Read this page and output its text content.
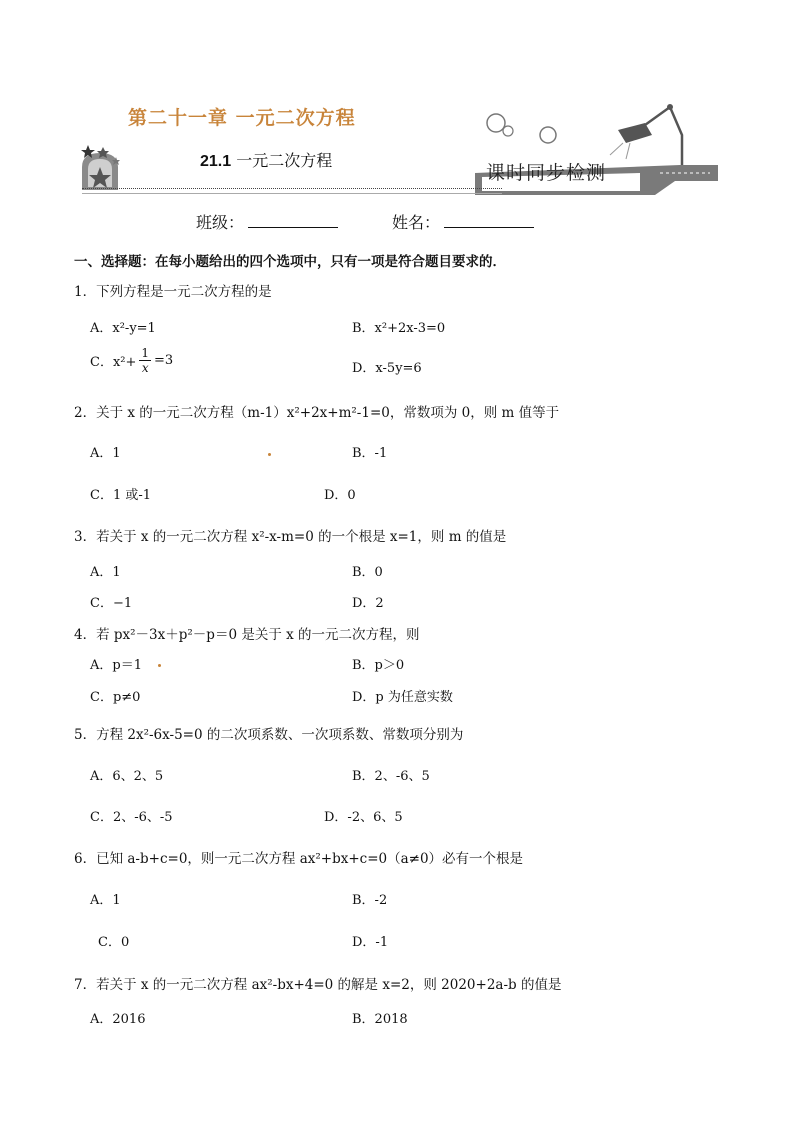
第二十一章 一元二次方程
21.1 一元二次方程
课时同步检测
班级：	姓名：
一、选择题：在每小题给出的四个选项中，只有一项是符合题目要求的．
1．下列方程是一元二次方程的是
A．x²-y=1	B．x²+2x-3=0
C．$x^2+ \frac{1}{x} =3$
D．x-5y=6
2．关于 x 的一元二次方程（m-1）x²+2x+m²-1=0，常数项为 0，则 m 值等于
A．1	B．-1
C．1 或-1	D．0
3．若关于 x 的一元二次方程 x²-x-m=0 的一个根是 x=1，则 m 的值是
A．1	B．0
C．−1	D．2
4．若 px²－3x＋p²－p＝0 是关于 x 的一元二次方程，则
A．p＝1	B．p＞0
C．p≠0	D．p 为任意实数
5．方程 2x²-6x-5=0 的二次项系数、一次项系数、常数项分别为
A．6、2、5	B．2、-6、5
C．2、-6、-5	D．-2、6、5
6．已知 a-b+c=0，则一元二次方程 ax²+bx+c=0（a≠0）必有一个根是
A．1	B．-2
C．0	D．-1
7．若关于 x 的一元二次方程 ax²-bx+4=0 的解是 x=2，则 2020+2a-b 的值是
A．2016	B．2018
